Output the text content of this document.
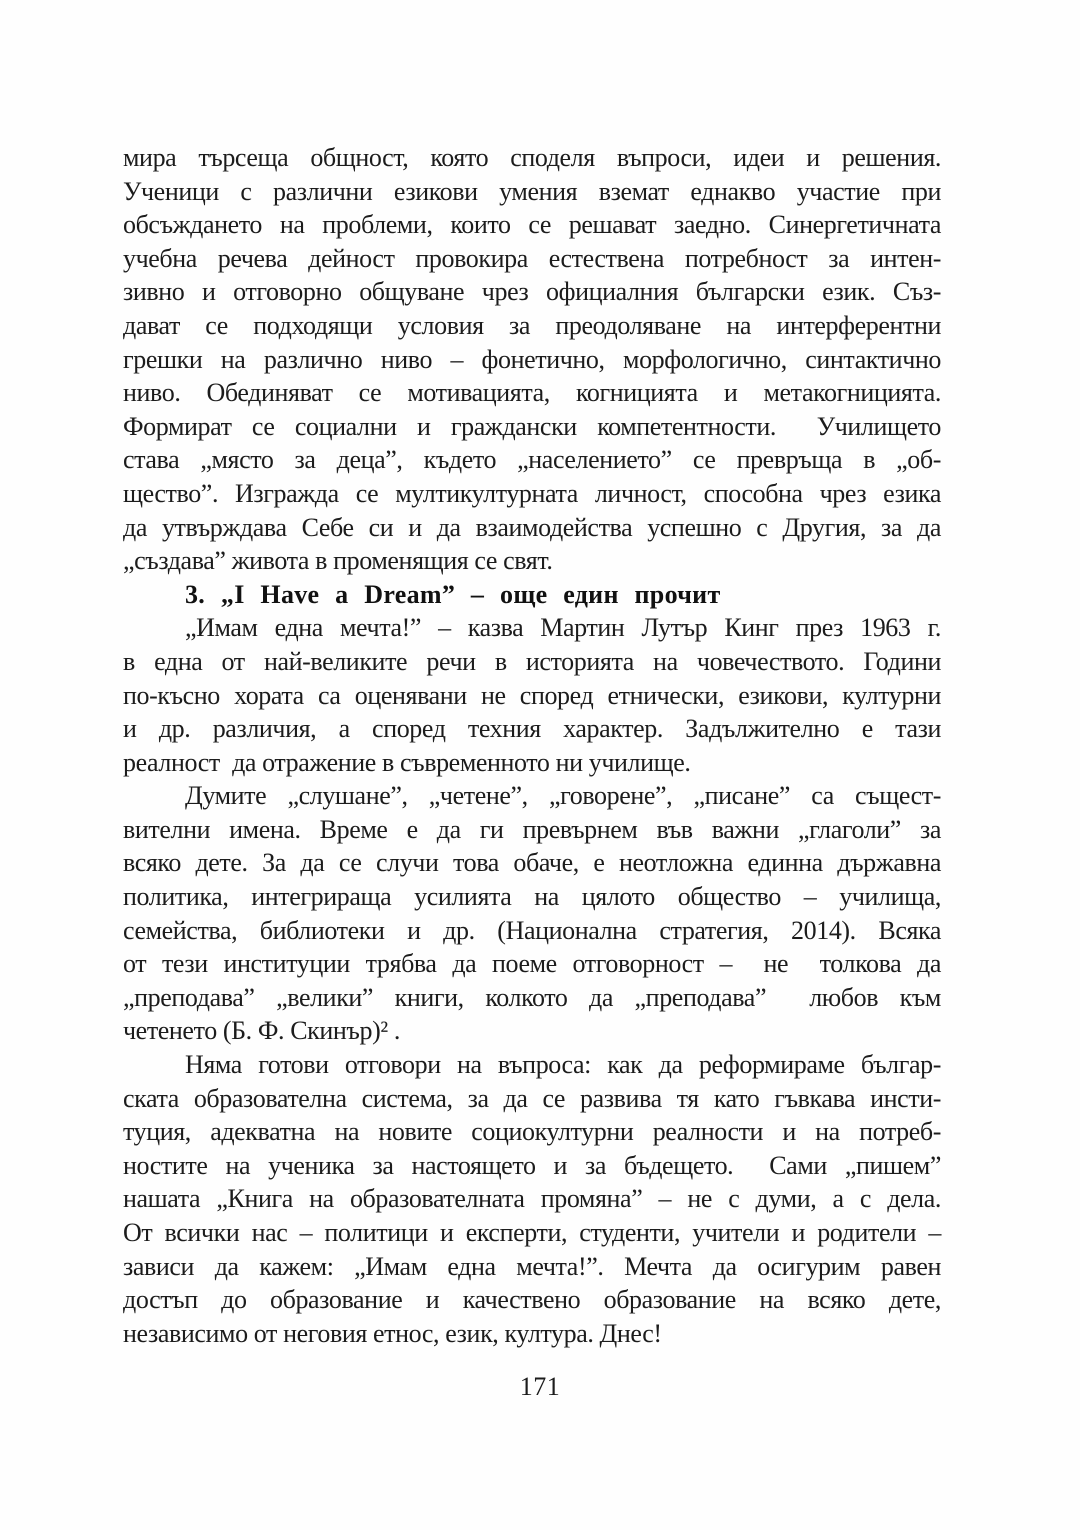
мира търсеща общност, която споделя въпроси, идеи и решения.
Ученици с различни езикови умения вземат еднакво участие при
обсъждането на проблеми, които се решават заедно. Синергетичната
учебна речева дейност провокира естествена потребност за интен-
зивно и отговорно общуване чрез официалния български език. Съз-
дават се подходящи условия за преодоляване на интерферентни
грешки на различно ниво – фонетично, морфологично, синтактично
ниво. Обединяват се мотивацията, когницията и метакогницията.
Формират се социални и граждански компетентности.  Училището
става „място за деца”, където „населението” се превръща в „об-
щество”. Изгражда се мултикултурната личност, способна чрез езика
да утвърждава Себе си и да взаимодейства успешно с Другия, за да
„създава” живота в променящия се свят.
3. „I Have a Dream” – още един прочит
„Имам една мечта!” – казва Мартин Лутър Кинг през 1963 г.
в една от най-великите речи в историята на човечеството. Години
по-късно хората са оценявани не според етнически, езикови, културни
и др. различия, а според техния характер. Задължително е тази
реалност  да отражение в съвременното ни училище.
Думите „слушане”, „четене”, „говорене”, „писане” са същест-
вителни имена. Време е да ги превърнем във важни „глаголи” за
всяко дете. За да се случи това обаче, е неотложна единна държавна
политика, интегрираща усилията на цялото общество – училища,
семейства, библиотеки и др. (Национална стратегия, 2014). Всяка
от тези институции трябва да поеме отговорност –  не  толкова да
„преподава” „велики” книги, колкото да „преподава”  любов към
четенето (Б. Ф. Скинър)² .
Няма готови отговори на въпроса: как да реформираме българ-
ската образователна система, за да се развива тя като гъвкава инсти-
туция, адекватна на новите социокултурни реалности и на потреб-
ностите на ученика за настоящето и за бъдещето.  Сами „пишем”
нашата „Книга на образователната промяна” – не с думи, а с дела.
От всички нас – политици и експерти, студенти, учители и родители –
зависи да кажем: „Имам една мечта!”. Мечта да осигурим равен
достъп до образование и качествено образование на всяко дете,
независимо от неговия етнос, език, култура. Днес!
171
